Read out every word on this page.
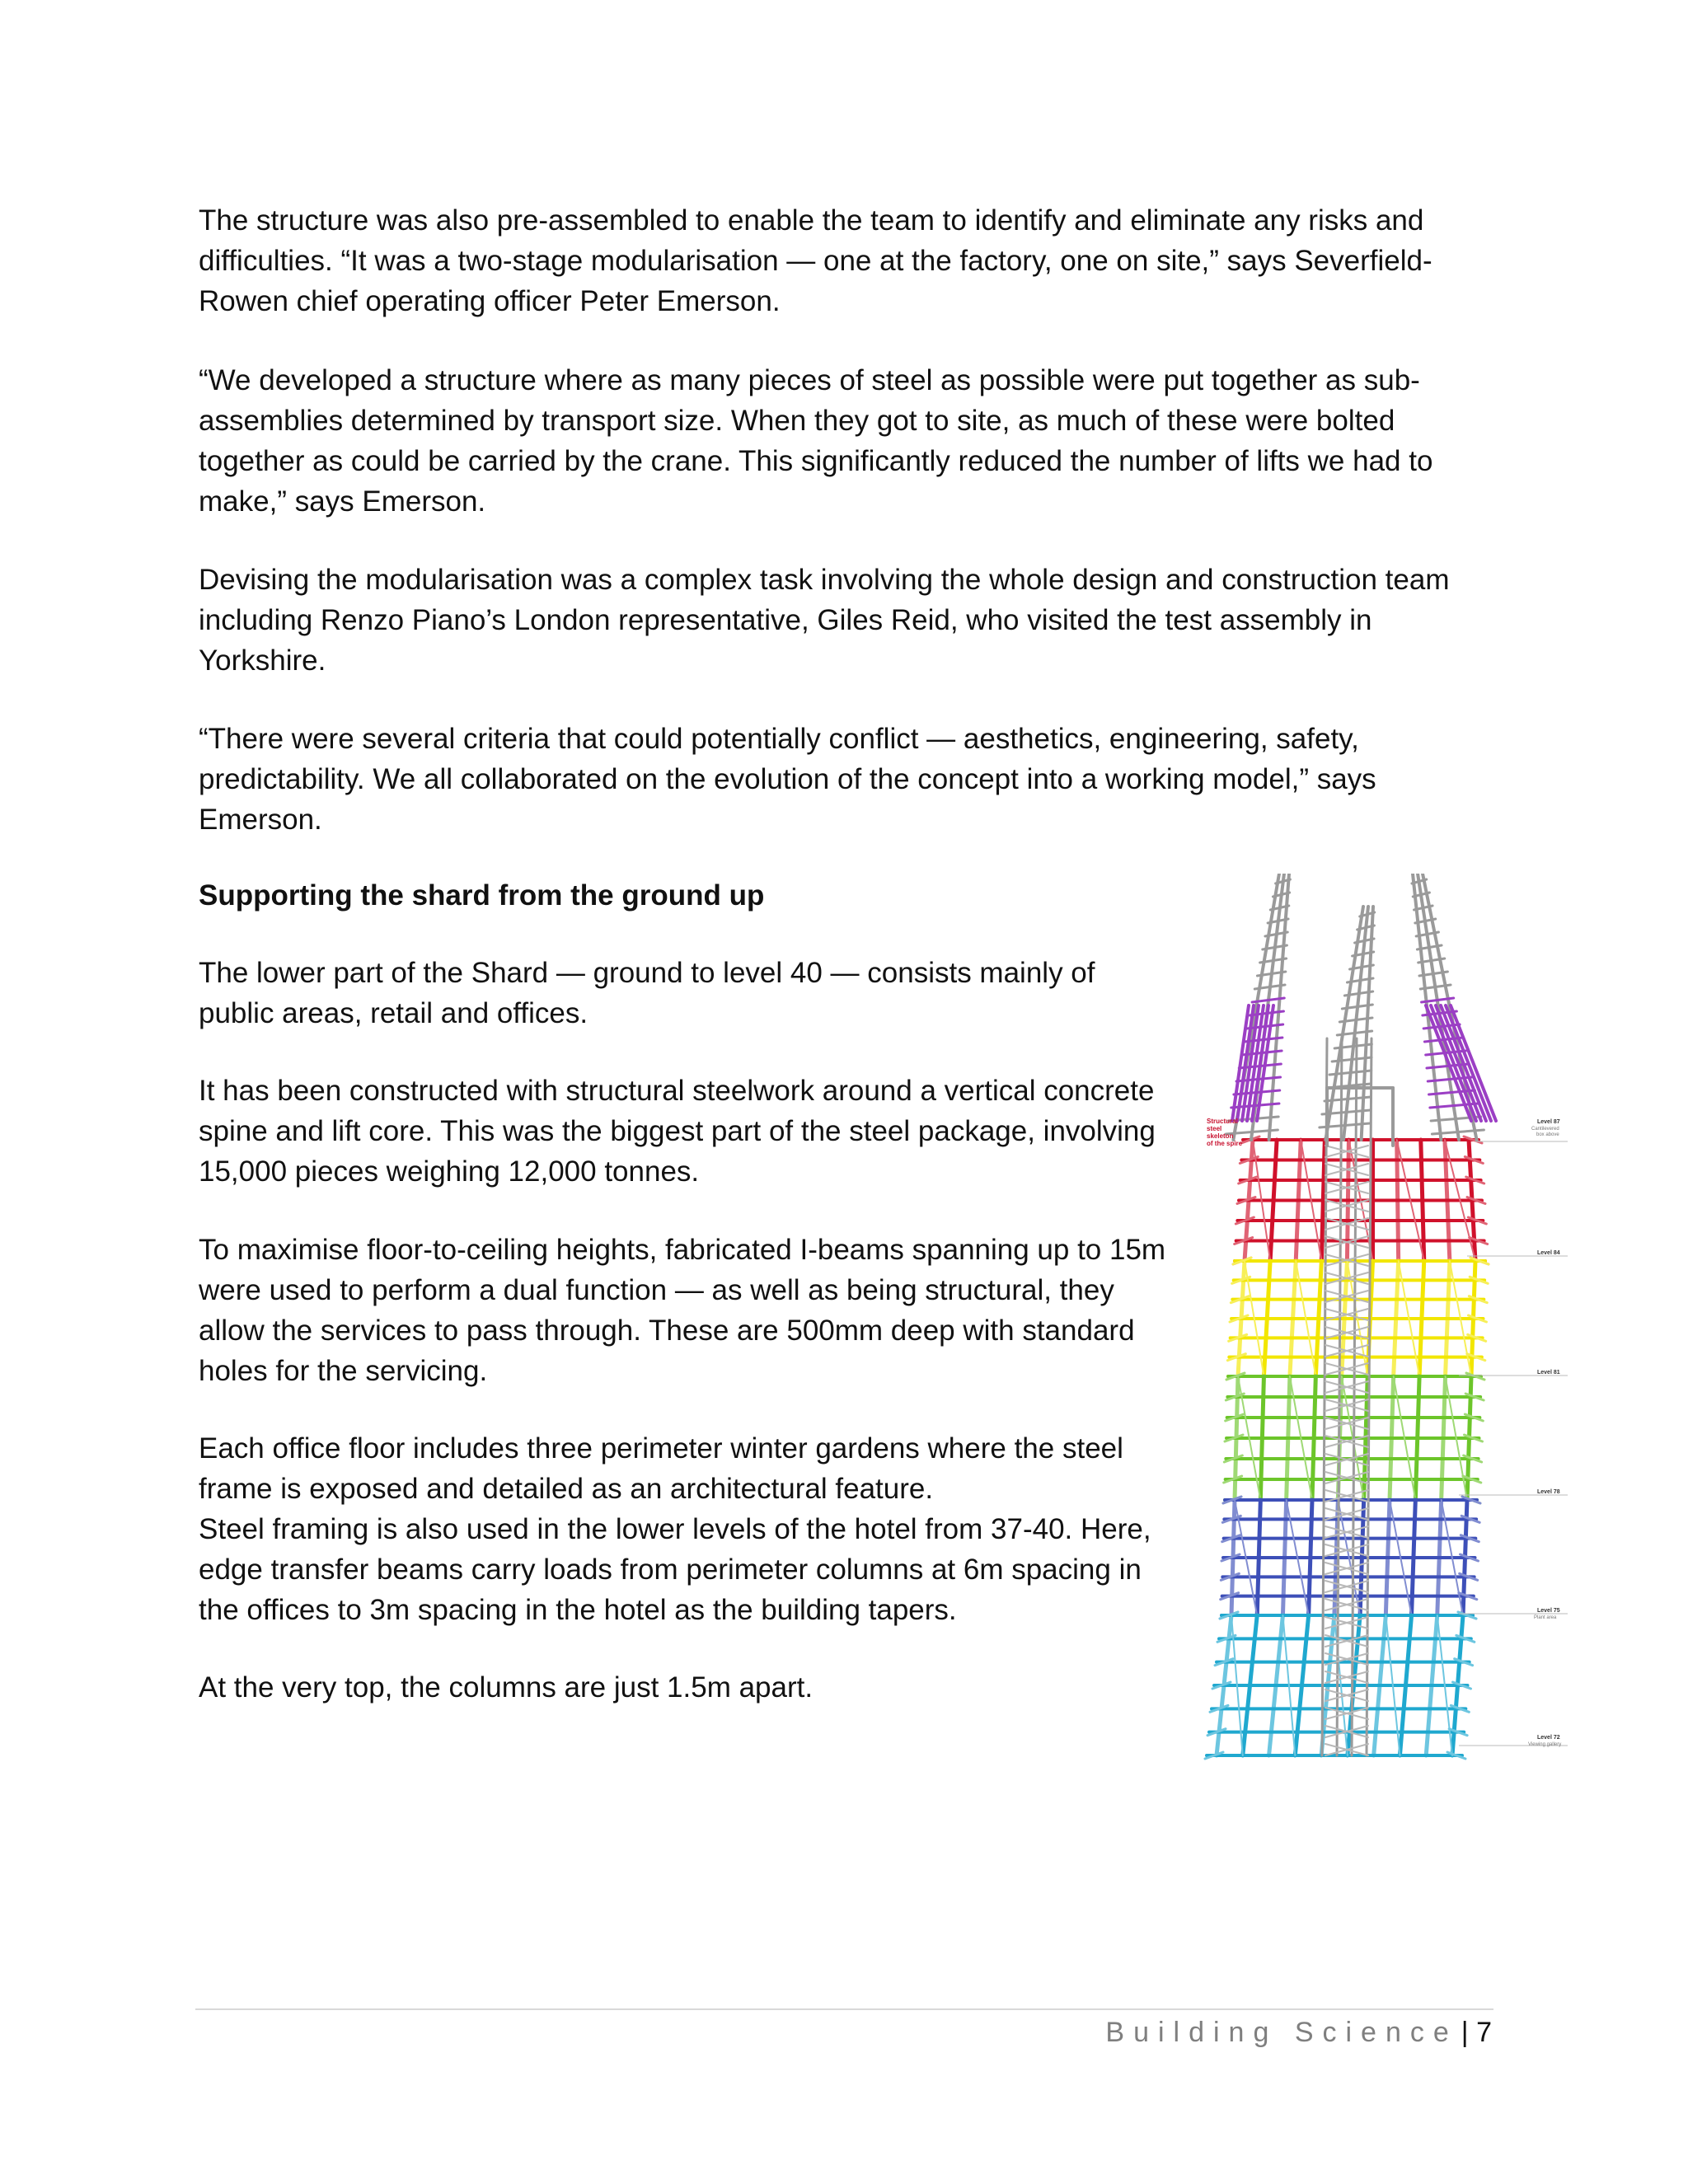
The structure was also pre-assembled to enable the team to identify and eliminate any risks and difficulties. “It was a two-stage modularisation — one at the factory, one on site,” says Severfield-Rowen chief operating officer Peter Emerson.

“We developed a structure where as many pieces of steel as possible were put together as sub-assemblies determined by transport size. When they got to site, as much of these were bolted together as could be carried by the crane. This significantly reduced the number of lifts we had to make,” says Emerson.

Devising the modularisation was a complex task involving the whole design and construction team including Renzo Piano’s London representative, Giles Reid, who visited the test assembly in Yorkshire.

“There were several criteria that could potentially conflict — aesthetics, engineering, safety, predictability. We all collaborated on the evolution of the concept into a working model,” says Emerson.

Supporting the shard from the ground up

The lower part of the Shard — ground to level 40 — consists mainly of public areas, retail and offices.

It has been constructed with structural steelwork around a vertical concrete spine and lift core. This was the biggest part of the steel package, involving 15,000 pieces weighing 12,000 tonnes.

To maximise floor-to-ceiling heights, fabricated I-beams spanning up to 15m were used to perform a dual function — as well as being structural, they allow the services to pass through. These are 500mm deep with standard holes for the servicing.

Each office floor includes three perimeter winter gardens where the steel frame is exposed and detailed as an architectural feature.
Steel framing is also used in the lower levels of the hotel from 37-40. Here, edge transfer beams carry loads from perimeter columns at 6m spacing in the offices to 3m spacing in the hotel as the building tapers.

At the very top, the columns are just 1.5m apart.

Structural
steel
skeleton
of the spire
Level 87
Cantilevered
box above
Level 84
Level 81
Level 78
Level 75
Plant area
Level 72
Viewing gallery
Building Science | 7
